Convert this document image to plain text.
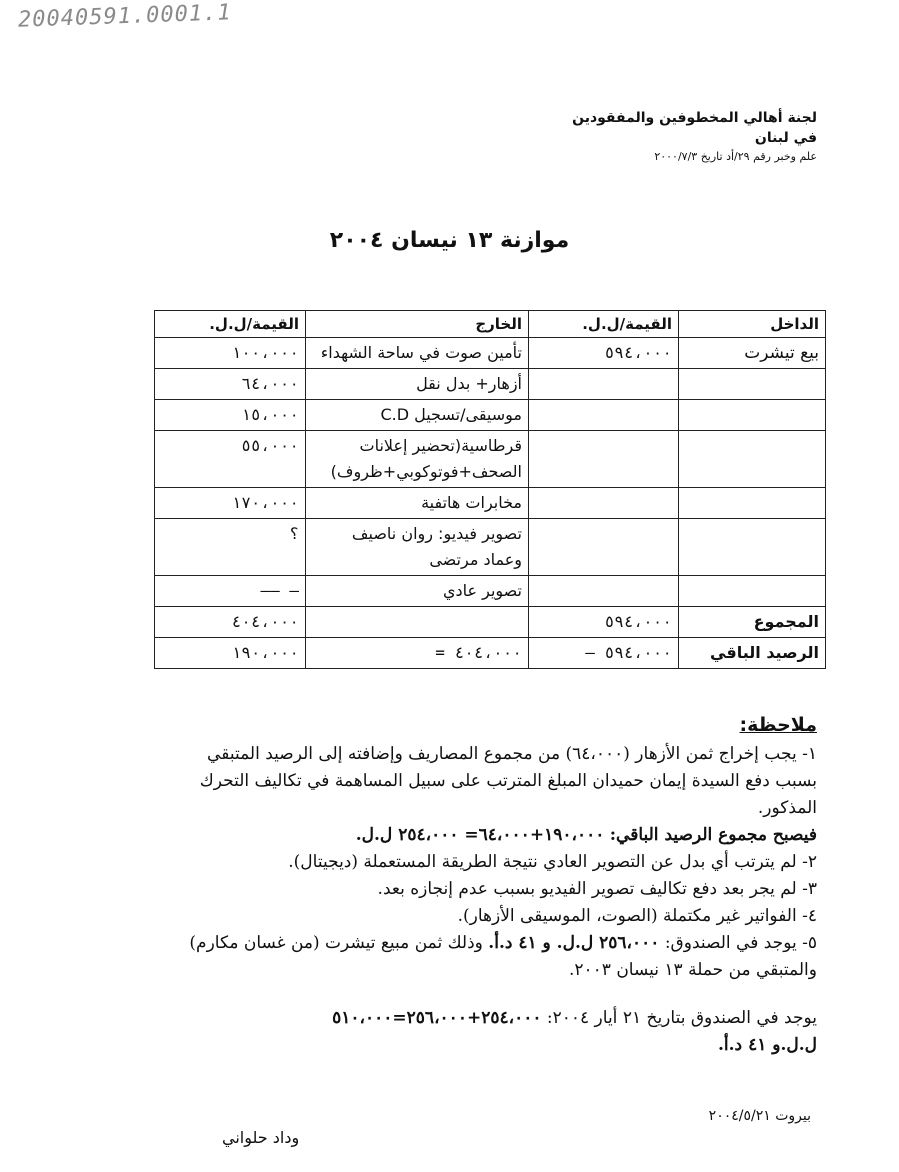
20040591.0001.1
لجنة أهالي المخطوفين والمفقودين
في لبنان
علم وخبر رقم ٢٩/أد تاريخ ٢٠٠٠/٧/٣
موازنة ١٣ نيسان ٢٠٠٤
الداخل	القيمة/ل.ل.	الخارج	القيمة/ل.ل.
بيع تيشرت	٥٩٤،٠٠٠	تأمين صوت في ساحة الشهداء	١٠٠،٠٠٠
		أزهار+ بدل نقل	٦٤،٠٠٠
		موسيقى/تسجيل C.D	١٥،٠٠٠
		قرطاسية(تحضير إعلانات الصحف+فوتوكوبي+ظروف)	٥٥،٠٠٠
		مخابرات هاتفية	١٧٠،٠٠٠
		تصوير فيديو: روان ناصيف وعماد مرتضى	؟
		تصوير عادي	– ––
المجموع	٥٩٤،٠٠٠		٤٠٤،٠٠٠
الرصيد الباقي	٥٩٤،٠٠٠ –	٤٠٤،٠٠٠ =	١٩٠،٠٠٠
ملاحظة:

١- يجب إخراج ثمن الأزهار (٦٤،٠٠٠) من مجموع المصاريف وإضافته إلى الرصيد المتبقي بسبب دفع السيدة إيمان حميدان المبلغ المترتب على سبيل المساهمة في تكاليف التحرك المذكور.

فيصبح مجموع الرصيد الباقي: ١٩٠،٠٠٠+٦٤،٠٠٠= ٢٥٤،٠٠٠ ل.ل.

٢- لم يترتب أي بدل عن التصوير العادي نتيجة الطريقة المستعملة (ديجيتال).

٣- لم يجر بعد دفع تكاليف تصوير الفيديو بسبب عدم إنجازه بعد.

٤- الفواتير غير مكتملة (الصوت، الموسيقى الأزهار).

٥- يوجد في الصندوق: ٢٥٦،٠٠٠ ل.ل. و ٤١ د.أ. وذلك ثمن مبيع تيشرت (من غسان مكارم) والمتبقي من حملة ١٣ نيسان ٢٠٠٣.

يوجد في الصندوق بتاريخ ٢١ أيار ٢٠٠٤: ٢٥٤،٠٠٠+٢٥٦،٠٠٠=٥١٠،٠٠٠

ل.ل.و ٤١ د.أ.

بيروت ٢٠٠٤/٥/٢١
وداد حلواني
